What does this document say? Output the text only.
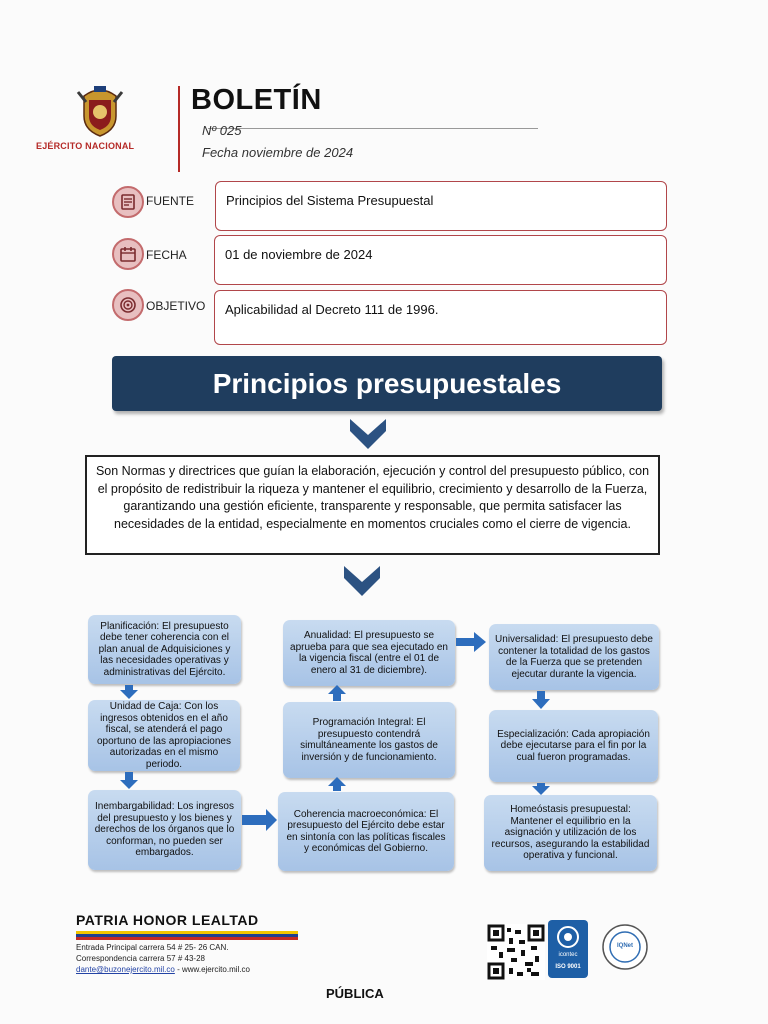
EJÉRCITO NACIONAL
BOLETÍN
Nº 025
Fecha noviembre de 2024
FUENTE	Principios del Sistema Presupuestal
FECHA	01 de noviembre de 2024
OBJETIVO	Aplicabilidad al Decreto 111 de 1996.
Principios presupuestales
Son Normas y directrices que guían la elaboración, ejecución y control del presupuesto público, con el propósito de redistribuir la riqueza y mantener el equilibrio, crecimiento y desarrollo de la Fuerza, garantizando una gestión eficiente, transparente y responsable, que permita satisfacer las necesidades de la entidad, especialmente en momentos cruciales como el cierre de vigencia.
Planificación: El presupuesto debe tener coherencia con el plan anual de Adquisiciones y las necesidades operativas y administrativas del Ejército.
Unidad de Caja: Con los ingresos obtenidos en el año fiscal, se atenderá el pago oportuno de las apropiaciones autorizadas en el mismo periodo.
Inembargabilidad: Los ingresos del presupuesto y los bienes y derechos de los órganos que lo conforman, no pueden ser embargados.
Coherencia macroeconómica: El presupuesto del Ejército debe estar en sintonía con las políticas fiscales y económicas del Gobierno.
Programación Integral: El presupuesto contendrá simultáneamente los gastos de inversión y de funcionamiento.
Anualidad: El presupuesto se aprueba para que sea ejecutado en la vigencia fiscal (entre el 01 de enero al 31 de diciembre).
Universalidad: El presupuesto debe contener la totalidad de los gastos de la Fuerza que se pretenden ejecutar durante la vigencia.
Especialización: Cada apropiación debe ejecutarse para el fin por la cual fueron programadas.
Homeóstasis presupuestal: Mantener el equilibrio en la asignación y utilización de los recursos, asegurando la estabilidad operativa y funcional.
PATRIA HONOR LEALTAD
Entrada Principal carrera 54 # 25- 26 CAN.
Correspondencia carrera 57 # 43-28
dante@buzonejercito.mil.co - www.ejercito.mil.co
icontec
ISO 9001
IQNet
PÚBLICA
